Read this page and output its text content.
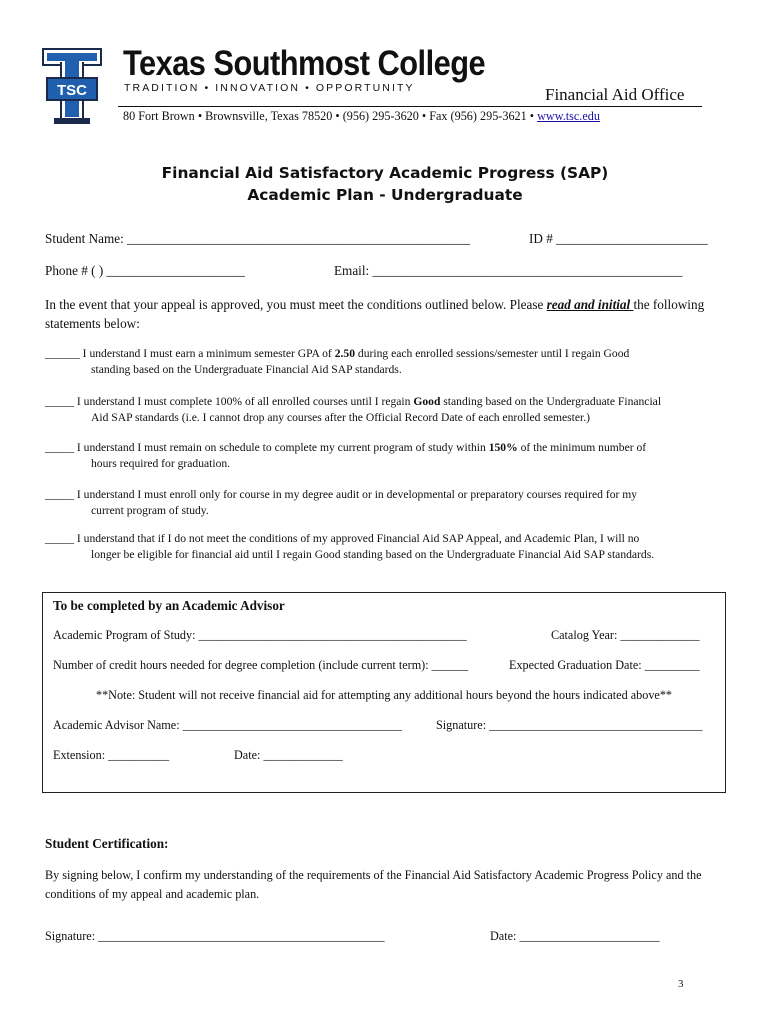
TSC
Texas Southmost College
TRADITION • INNOVATION • OPPORTUNITY	Financial Aid Office
80 Fort Brown • Brownsville, Texas 78520 • (956) 295-3620 • Fax (956) 295-3621 • www.tsc.edu
Financial Aid Satisfactory Academic Progress (SAP)
Academic Plan - Undergraduate
Student Name: ____________________________________________________	ID # _______________________
Phone # ( ) _____________________	Email: _______________________________________________
In the event that your appeal is approved, you must meet the conditions outlined below. Please read and initial the following statements below:
______ I understand I must earn a minimum semester GPA of 2.50 during each enrolled sessions/semester until I regain Good
standing based on the Undergraduate Financial Aid SAP standards.
_____ I understand I must complete 100% of all enrolled courses until I regain Good standing based on the Undergraduate Financial
Aid SAP standards (i.e. I cannot drop any courses after the Official Record Date of each enrolled semester.)
_____ I understand I must remain on schedule to complete my current program of study within 150% of the minimum number of
hours required for graduation.
_____ I understand I must enroll only for course in my degree audit or in developmental or preparatory courses required for my
current program of study.
_____ I understand that if I do not meet the conditions of my approved Financial Aid SAP Appeal, and Academic Plan, I will no
longer be eligible for financial aid until I regain Good standing based on the Undergraduate Financial Aid SAP standards.
To be completed by an Academic Advisor
Academic Program of Study: ____________________________________________	Catalog Year: _____________
Number of credit hours needed for degree completion (include current term): ______	Expected Graduation Date: _________
**Note: Student will not receive financial aid for attempting any additional hours beyond the hours indicated above**
Academic Advisor Name: ____________________________________	Signature: ___________________________________
Extension: __________	Date: _____________
Student Certification:
By signing below, I confirm my understanding of the requirements of the Financial Aid Satisfactory Academic Progress Policy and the conditions of my appeal and academic plan.
Signature: _______________________________________________	Date: _______________________
3
